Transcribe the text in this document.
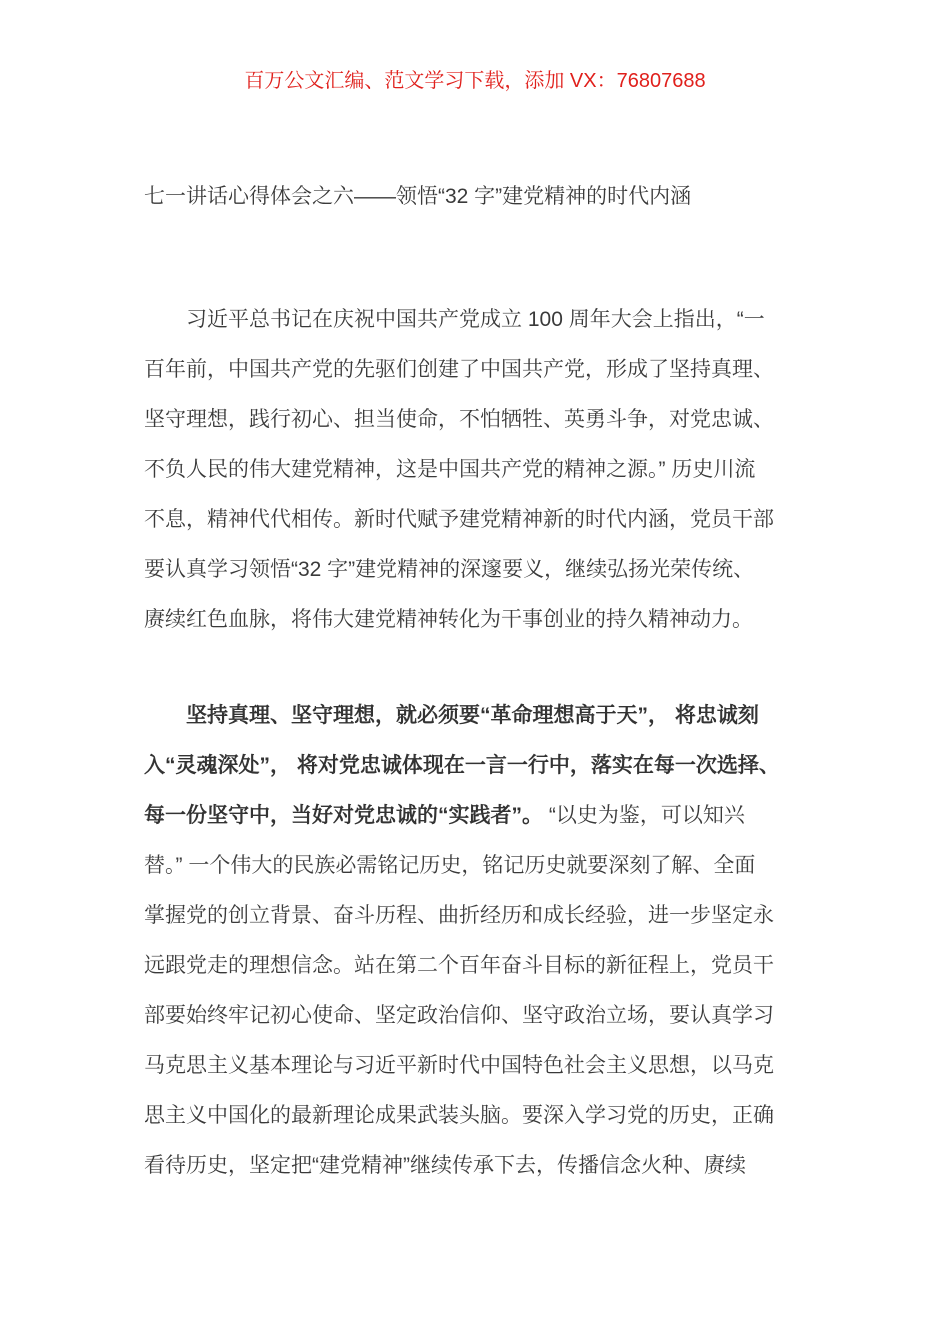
百万公文汇编、范文学习下载，添加 VX：76807688
七一讲话心得体会之六——领悟“32 字”建党精神的时代内涵
习近平总书记在庆祝中国共产党成立 100 周年大会上指出，“一
百年前，中国共产党的先驱们创建了中国共产党，形成了坚持真理、
坚守理想，践行初心、担当使命，不怕牺牲、英勇斗争，对党忠诚、
不负人民的伟大建党精神，这是中国共产党的精神之源。” 历史川流
不息，精神代代相传。新时代赋予建党精神新的时代内涵，党员干部
要认真学习领悟“32 字”建党精神的深邃要义，继续弘扬光荣传统、
赓续红色血脉，将伟大建党精神转化为干事创业的持久精神动力。
坚持真理、坚守理想，就必须要“革命理想高于天”， 将忠诚刻
入“灵魂深处”， 将对党忠诚体现在一言一行中，落实在每一次选择、
每一份坚守中，当好对党忠诚的“实践者”。 “以史为鉴，可以知兴
替。” 一个伟大的民族必需铭记历史，铭记历史就要深刻了解、全面
掌握党的创立背景、奋斗历程、曲折经历和成长经验，进一步坚定永
远跟党走的理想信念。站在第二个百年奋斗目标的新征程上，党员干
部要始终牢记初心使命、坚定政治信仰、坚守政治立场，要认真学习
马克思主义基本理论与习近平新时代中国特色社会主义思想，以马克
思主义中国化的最新理论成果武装头脑。要深入学习党的历史，正确
看待历史，坚定把“建党精神”继续传承下去，传播信念火种、赓续
